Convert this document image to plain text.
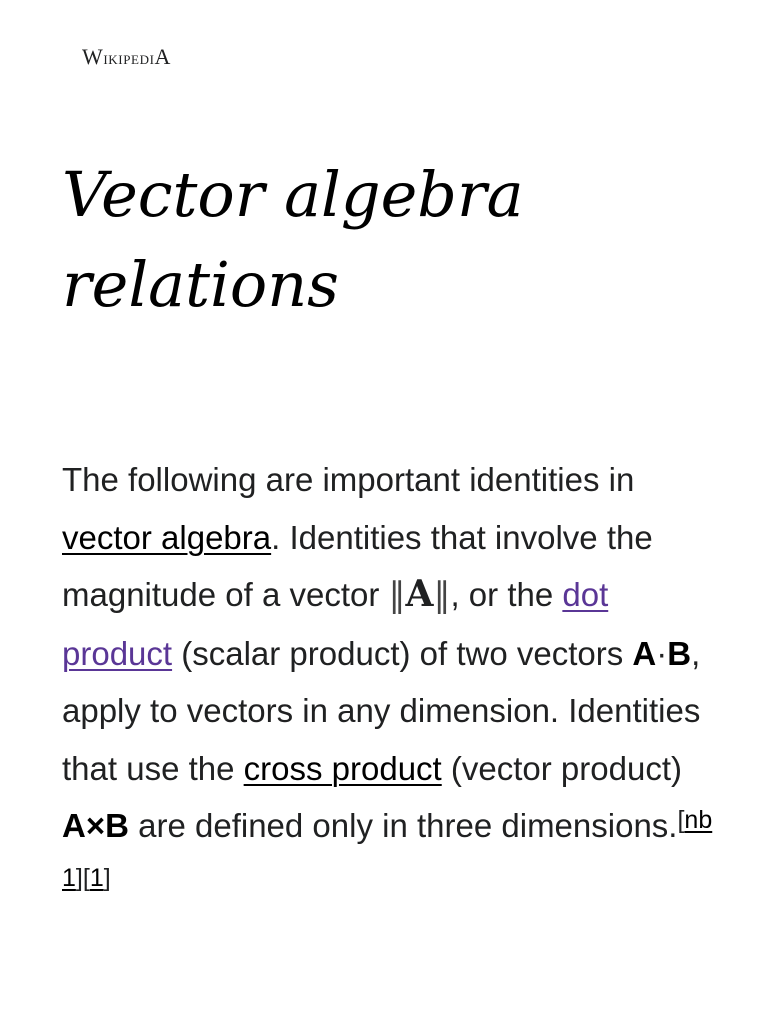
WikipediA
Vector algebra relations

The following are important identities in vector algebra. Identities that involve the magnitude of a vector ‖A‖, or the dot product (scalar product) of two vectors A·B, apply to vectors in any dimension. Identities that use the cross product (vector product) A×B are defined only in three dimensions.[nb 1][1]
